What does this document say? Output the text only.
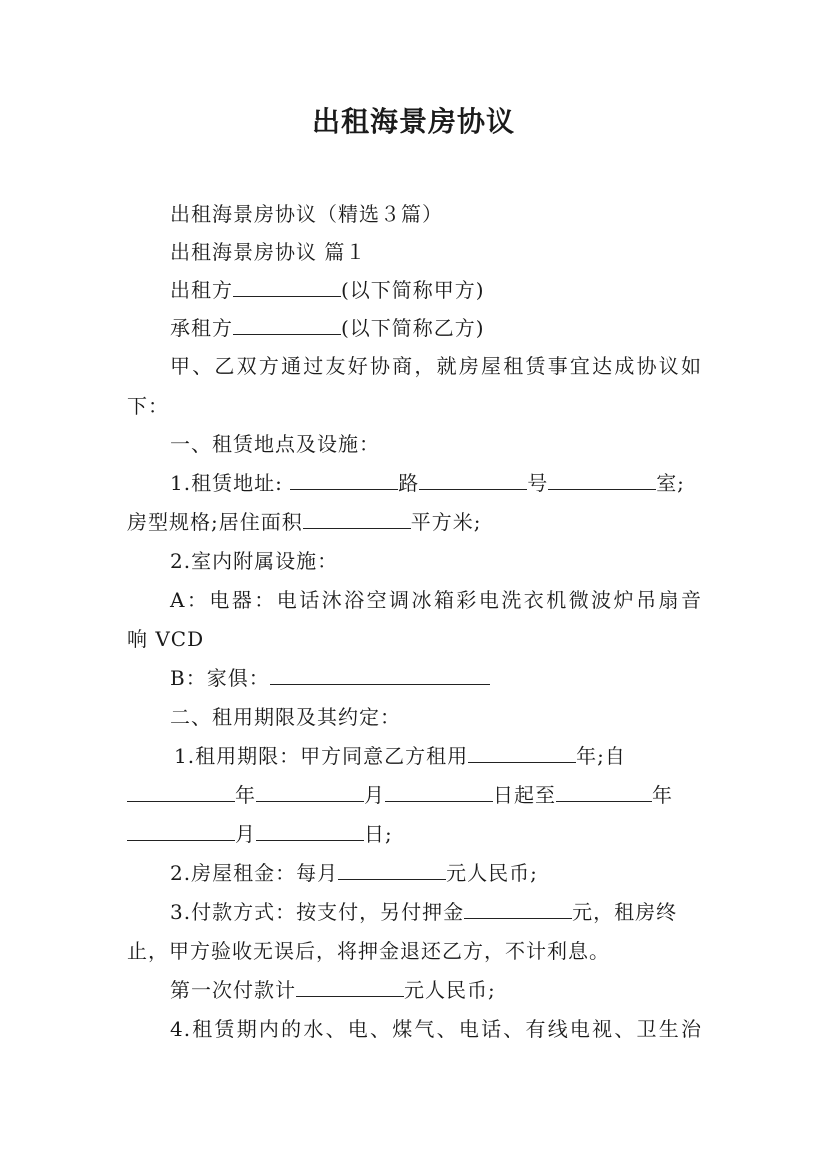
出租海景房协议
出租海景房协议（精选３篇）
出租海景房协议 篇１
出租方	(以下简称甲方)
承租方	(以下简称乙方)
甲、乙双方通过友好协商，就房屋租赁事宜达成协议如
下：
一、租赁地点及设施：
1.租赁地址:	路	号	室;
房型规格;居住面积	平方米;
2.室内附属设施：
A：电器：电话沐浴空调冰箱彩电洗衣机微波炉吊扇音
响 VCD
B：家俱：
二、租用期限及其约定：
1.租用期限：甲方同意乙方租用	年;自
年	月	日起至	年
月	日;
2.房屋租金：每月	元人民币;
3.付款方式：按支付，另付押金	元，租房终
止，甲方验收无误后，将押金退还乙方，不计利息。
第一次付款计	元人民币;
4.租赁期内的水、电、煤气、电话、有线电视、卫生治
